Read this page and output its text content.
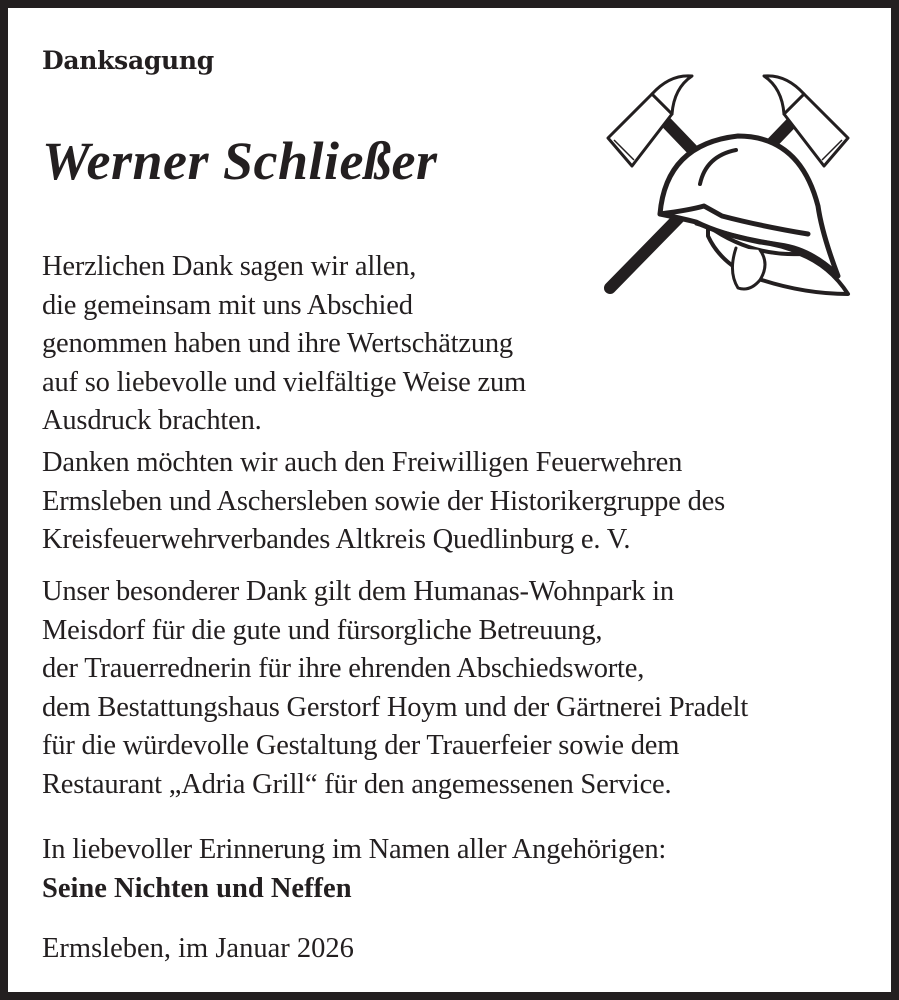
Danksagung
Werner Schließer
Herzlichen Dank sagen wir allen,
die gemeinsam mit uns Abschied
genommen haben und ihre Wertschätzung
auf so liebevolle und vielfältige Weise zum
Ausdruck brachten.
Danken möchten wir auch den Freiwilligen Feuerwehren
Ermsleben und Aschersleben sowie der Historikergruppe des
Kreisfeuerwehrverbandes Altkreis Quedlinburg e. V.
Unser besonderer Dank gilt dem Humanas-Wohnpark in
Meisdorf für die gute und fürsorgliche Betreuung,
der Trauerrednerin für ihre ehrenden Abschiedsworte,
dem Bestattungshaus Gerstorf Hoym und der Gärtnerei Pradelt
für die würdevolle Gestaltung der Trauerfeier sowie dem
Restaurant „Adria Grill“ für den angemessenen Service.
In liebevoller Erinnerung im Namen aller Angehörigen:
Seine Nichten und Neffen
Ermsleben, im Januar 2026
